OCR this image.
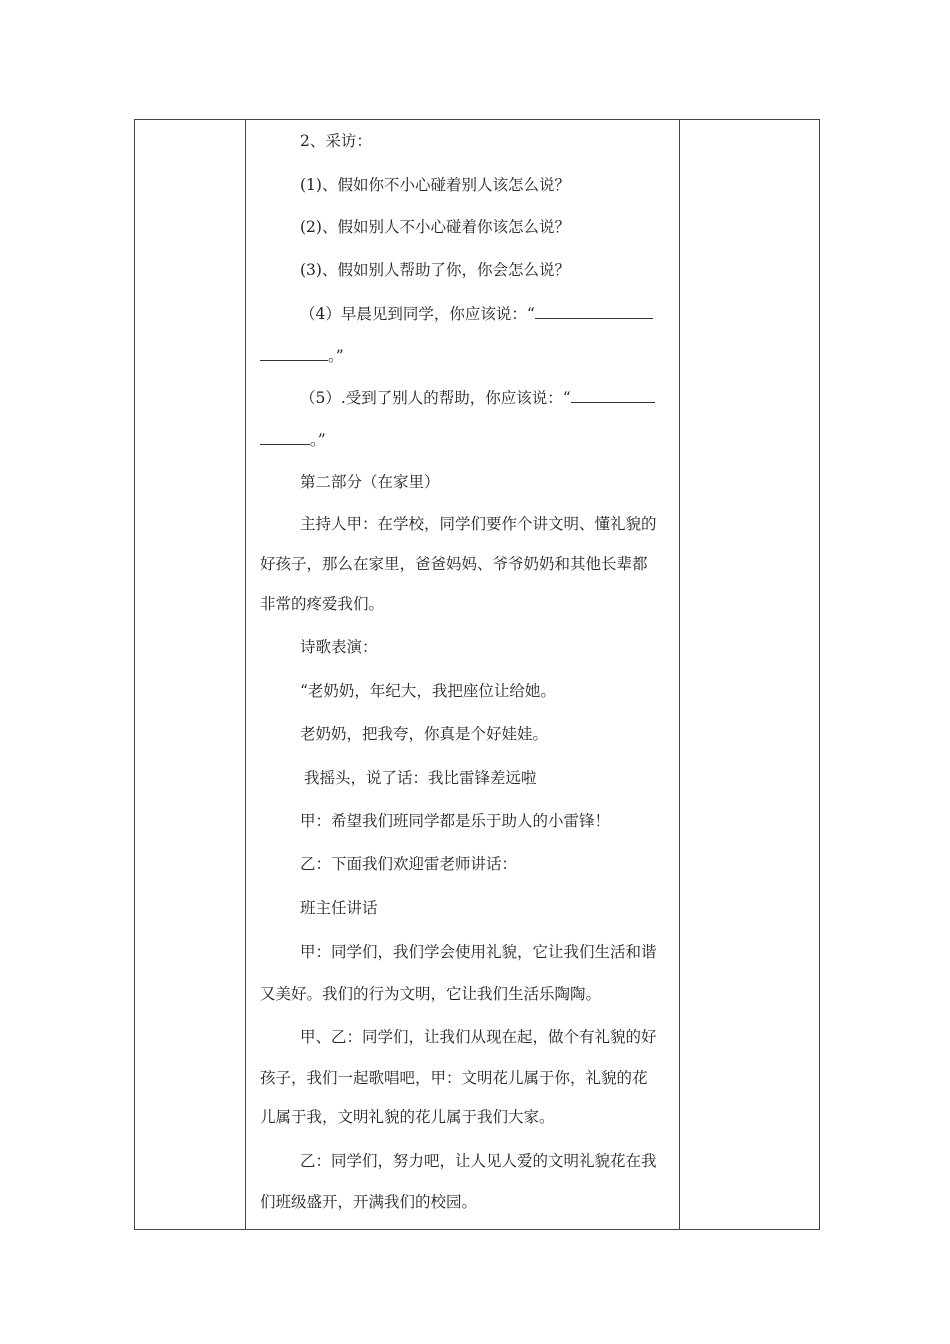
2、采访：
(1)、假如你不小心碰着别人该怎么说？
(2)、假如别人不小心碰着你该怎么说？
(3)、假如别人帮助了你，你会怎么说？
（4）早晨见到同学，你应该说：“
。”
（5）.受到了别人的帮助，你应该说：“
。”
第二部分（在家里）
主持人甲：在学校，同学们要作个讲文明、懂礼貌的
好孩子，那么在家里，爸爸妈妈、爷爷奶奶和其他长辈都
非常的疼爱我们。
诗歌表演：
“老奶奶，年纪大，我把座位让给她。
老奶奶，把我夸，你真是个好娃娃。
我摇头，说了话：我比雷锋差远啦
甲：希望我们班同学都是乐于助人的小雷锋！
乙：下面我们欢迎雷老师讲话：
班主任讲话
甲：同学们，我们学会使用礼貌，它让我们生活和谐
又美好。我们的行为文明，它让我们生活乐陶陶。
甲、乙：同学们，让我们从现在起，做个有礼貌的好
孩子，我们一起歌唱吧，甲：文明花儿属于你，礼貌的花
儿属于我，文明礼貌的花儿属于我们大家。
乙：同学们，努力吧，让人见人爱的文明礼貌花在我
们班级盛开，开满我们的校园。
